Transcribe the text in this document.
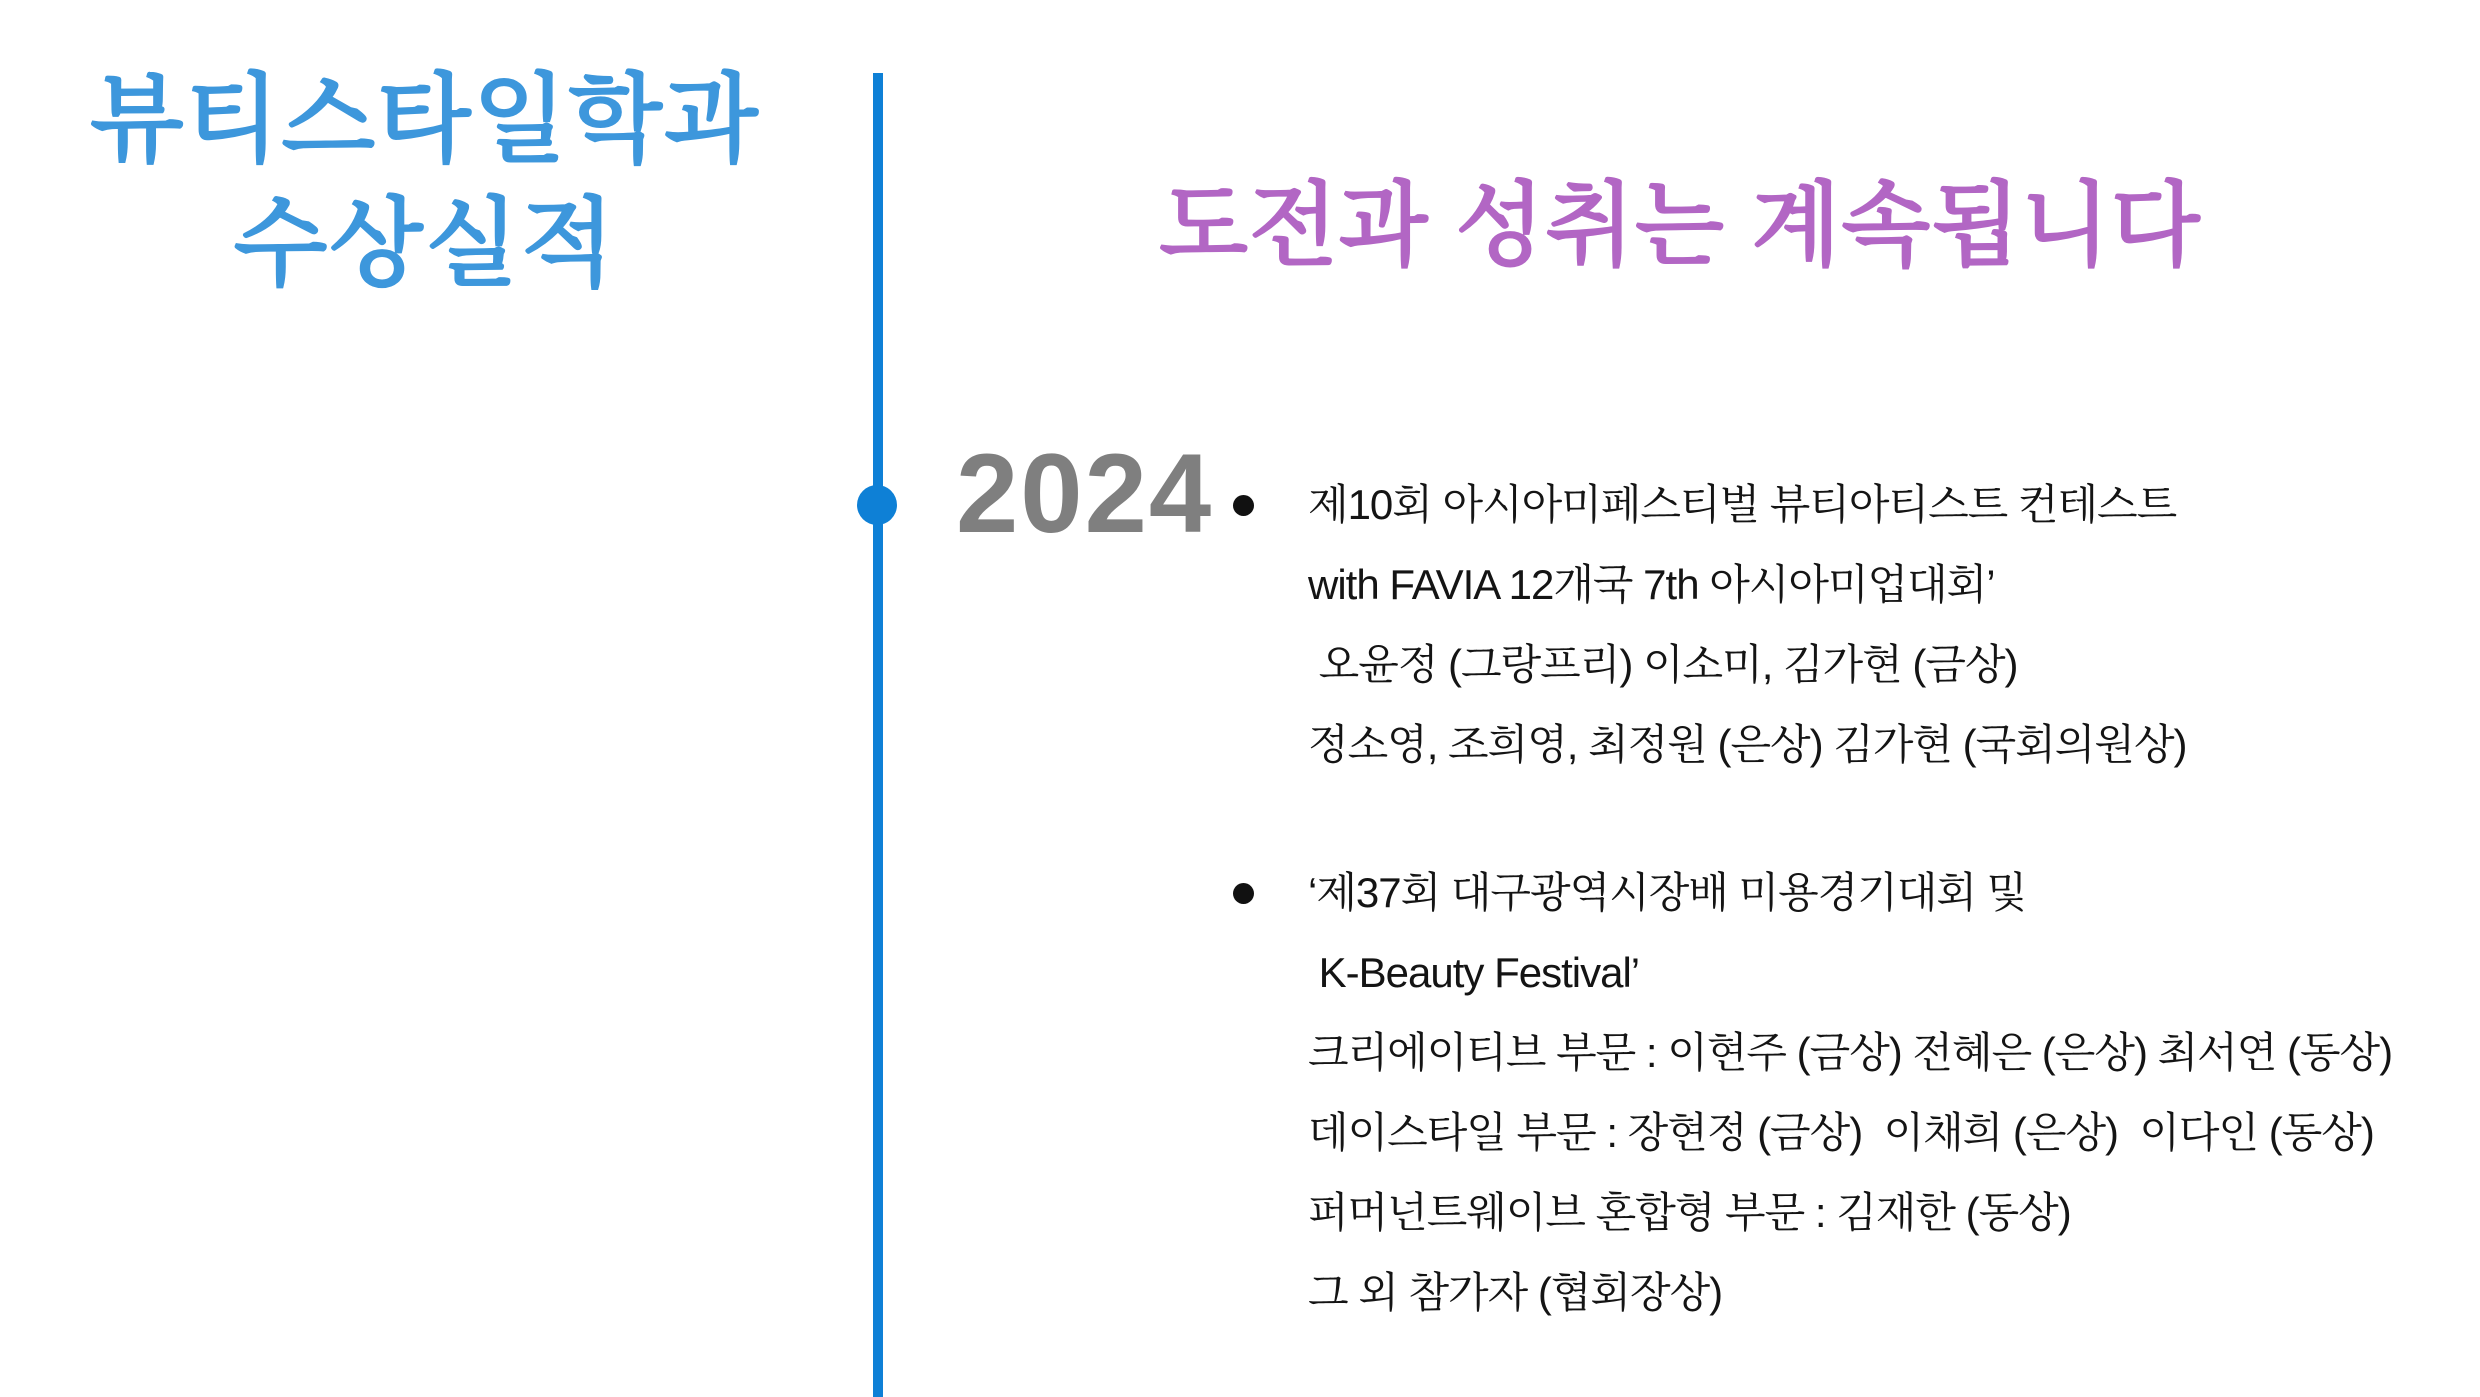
뷰티스타일학과
수상실적	도전과 성취는 계속됩니다
2024 제10회 아시아미페스티벌 뷰티아티스트 컨테스트
with FAVIA 12개국 7th 아시아미업대회’
오윤정 (그랑프리) 이소미, 김가현 (금상)
정소영, 조희영, 최정원 (은상) 김가현 (국회의원상)
‘제37회 대구광역시장배 미용경기대회 및
K-Beauty Festival’
크리에이티브 부문 : 이현주 (금상) 전혜은 (은상) 최서연 (동상)
데이스타일 부문 : 장현정 (금상)  이채희 (은상)  이다인 (동상)
퍼머넌트웨이브 혼합형 부문 : 김재한 (동상)
그 외 참가자 (협회장상)
